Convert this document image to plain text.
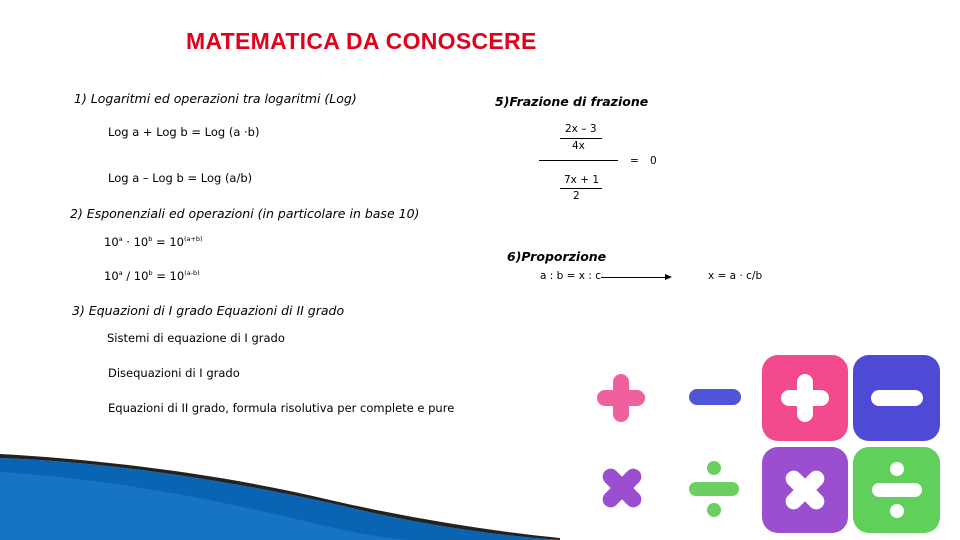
MATEMATICA DA CONOSCERE
1) Logaritmi ed operazioni tra logaritmi (Log)
Log a + Log b = Log (a ·b)
Log a – Log b = Log (a/b)
2) Esponenziali ed operazioni (in particolare in base 10)
$10^a \cdot 10^b = 10^{(a+b)}$
$10^a / 10^b = 10^{(a-b)}$
3) Equazioni di I grado Equazioni di II grado
Sistemi di equazione di I grado
Disequazioni di I grado
Equazioni di II grado, formula risolutiva per complete e pure
5)Frazione di frazione
2x – 3
4x
= 0
7x + 1
2
6)Proporzione
a : b = x : c	x = a · c/b
